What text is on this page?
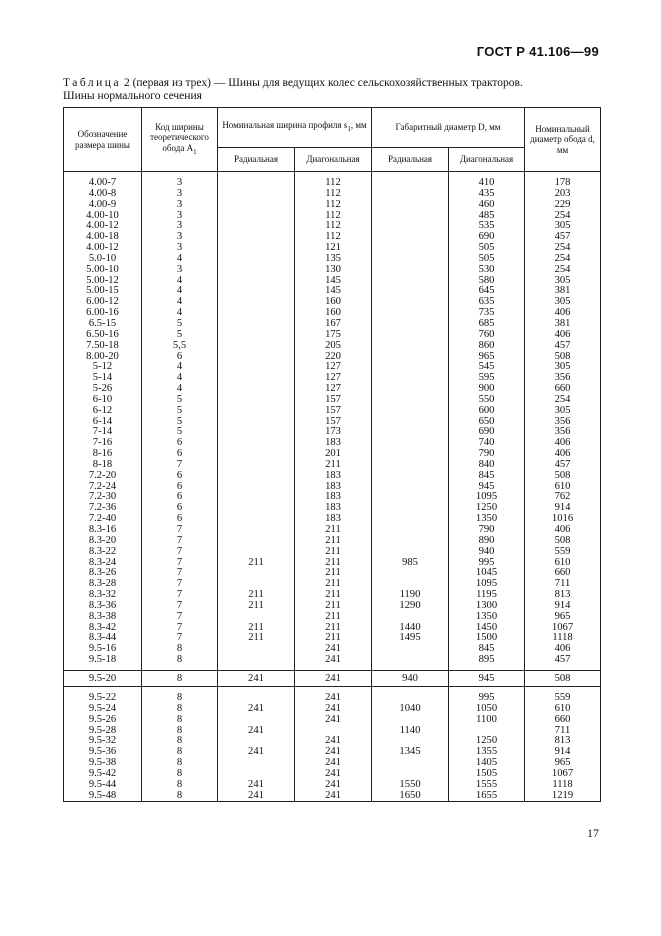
ГОСТ Р 41.106—99
Таблица 2 (первая из трех) — Шины для ведущих колес сельскохозяйственных тракторов.
Шины нормального сечения
Обозначение размера шины	Код ширины теоретического обода $A_1$	Номинальная ширина профиля $s_1$, мм		Габаритный диаметр D, мм		Номинальный диаметр обода d, мм
		Радиальная	Диагональная	Радиальная	Диагональная	

4.00-7	3		112		410	178
4.00-8	3		112		435	203
4.00-9	3		112		460	229
4.00-10	3		112		485	254
4.00-12	3		112		535	305
4.00-18	3		112		690	457
4.00-12	3		121		505	254
5.0-10	4		135		505	254
5.00-10	3		130		530	254
5.00-12	4		145		580	305
5.00-15	4		145		645	381
6.00-12	4		160		635	305
6.00-16	4		160		735	406
6.5-15	5		167		685	381
6.50-16	5		175		760	406
7.50-18	5,5		205		860	457
8.00-20	6		220		965	508
5-12	4		127		545	305
5-14	4		127		595	356
5-26	4		127		900	660
6-10	5		157		550	254
6-12	5		157		600	305
6-14	5		157		650	356
7-14	5		173		690	356
7-16	6		183		740	406
8-16	6		201		790	406
8-18	7		211		840	457
7.2-20	6		183		845	508
7.2-24	6		183		945	610
7.2-30	6		183		1095	762
7.2-36	6		183		1250	914
7.2-40	6		183		1350	1016
8.3-16	7		211		790	406
8.3-20	7		211		890	508
8.3-22	7		211		940	559
8.3-24	7	211	211	985	995	610
8.3-26	7		211		1045	660
8.3-28	7		211		1095	711
8.3-32	7	211	211	1190	1195	813
8.3-36	7	211	211	1290	1300	914
8.3-38	7		211		1350	965
8.3-42	7	211	211	1440	1450	1067
8.3-44	7	211	211	1495	1500	1118
9.5-16	8		241		845	406
9.5-18	8		241		895	457

9.5-20	8	241	241	940	945	508

9.5-22	8		241		995	559
9.5-24	8	241	241	1040	1050	610
9.5-26	8		241		1100	660
9.5-28	8	241		1140		711
9.5-32	8		241		1250	813
9.5-36	8	241	241	1345	1355	914
9.5-38	8		241		1405	965
9.5-42	8		241		1505	1067
9.5-44	8	241	241	1550	1555	1118
9.5-48	8	241	241	1650	1655	1219
17
